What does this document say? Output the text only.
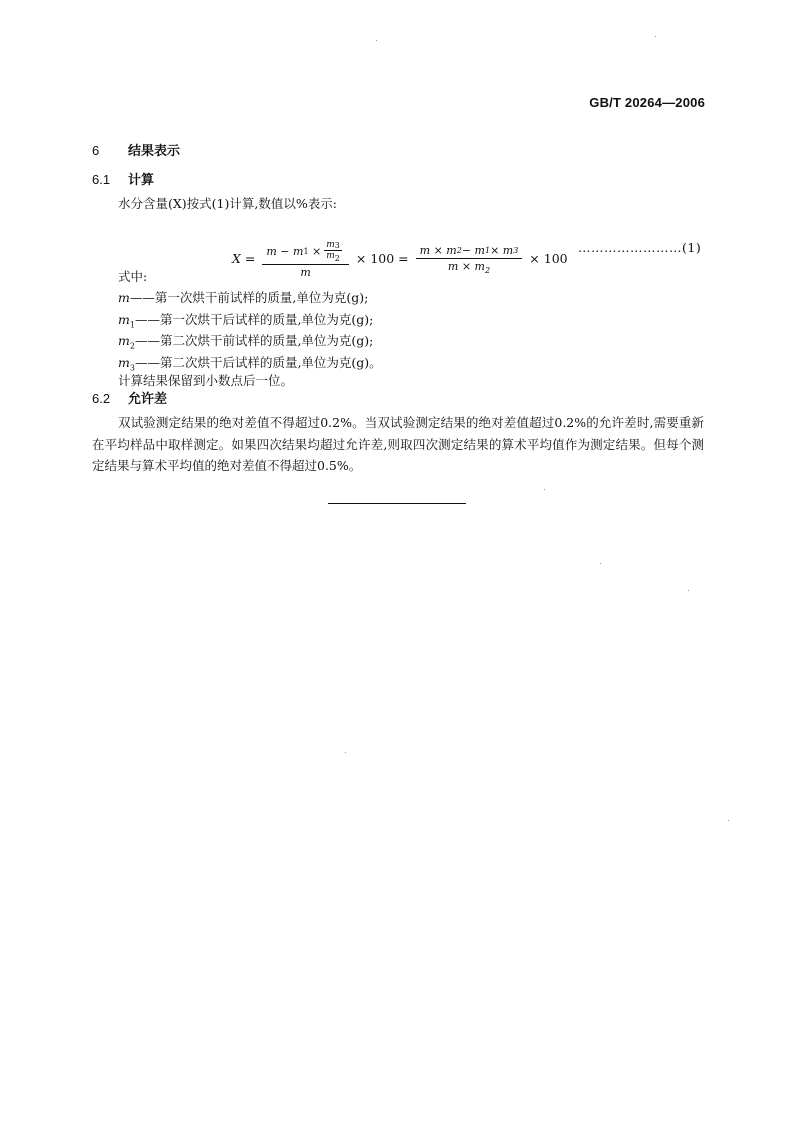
GB/T 20264—2006
6 结果表示
6.1 计算
水分含量(X)按式(1)计算,数值以%表示:
X = m − m 1
× $\frac{m 3}{m_2}$
$m \times 100 = \frac{m \times m 2 - m 1 \times m 3}{m \times m_2} \times 100$
……………………(1)
式中:
m——第一次烘干前试样的质量,单位为克(g);
$m_1——$第一次烘干后试样的质量,单位为克(g);
$m_2——$第二次烘干前试样的质量,单位为克(g);
$m_3——$第二次烘干后试样的质量,单位为克(g)。
计算结果保留到小数点后一位。
6.2 允许差
双试验测定结果的绝对差值不得超过0.2%。当双试验测定结果的绝对差值超过0.2%的允许差时,需要重新在平均样品中取样测定。如果四次结果均超过允许差,则取四次测定结果的算术平均值作为测定结果。但每个测定结果与算术平均值的绝对差值不得超过0.5%。
